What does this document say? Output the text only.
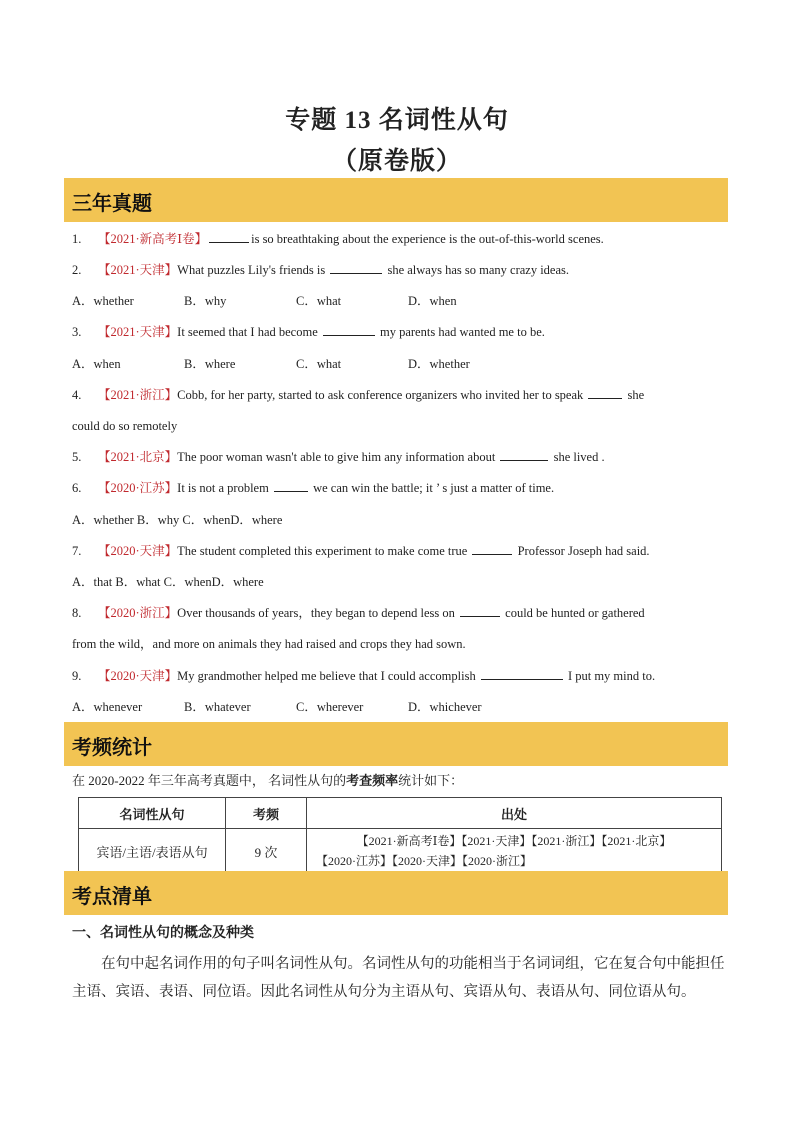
专题 13 名词性从句
（原卷版）
三年真题
1. 【2021·新高考Ⅰ卷】	is so breathtaking about the experience is the out-of-this-world scenes.
2. 【2021·天津】What puzzles Lily's friends is	she always has so many crazy ideas.
A．whether	B．why	C．what	D．when
3. 【2021·天津】It seemed that I had become	my parents had wanted me to be.
A．when	B．where	C．what	D．whether
4. 【2021·浙江】Cobb, for her party, started to ask conference organizers who invited her to speak	she
could do so remotely
5. 【2021·北京】The poor woman wasn't able to give him any information about	she lived .
6. 【2020·江苏】It is not a problem	we can win the battle; it ’ s just a matter of time.
A．whether B．why C．whenD．where
7. 【2020·天津】The student completed this experiment to make come true	Professor Joseph had said.
A．that B．what C．whenD．where
8. 【2020·浙江】Over thousands of years，they began to depend less on	could be hunted or gathered
from the wild，and more on animals they had raised and crops they had sown.
9. 【2020·天津】My grandmother helped me believe that I could accomplish	I put my mind to.
A．whenever	B．whatever	C．wherever	D．whichever
考频统计
在 2020-2022 年三年高考真题中， 名词性从句的考查频率统计如下：
名词性从句	考频	出处
宾语/主语/表语从句	9 次	【2021·新高考Ⅰ卷】【2021·天津】【2021·浙江】【2021·北京】
【2020·江苏】【2020·天津】【2020·浙江】
考点清单
一、名词性从句的概念及种类
在句中起名词作用的句子叫名词性从句。名词性从句的功能相当于名词词组，它在复合句中能担任主语、宾语、表语、同位语。因此名词性从句分为主语从句、宾语从句、表语从句、同位语从句。
